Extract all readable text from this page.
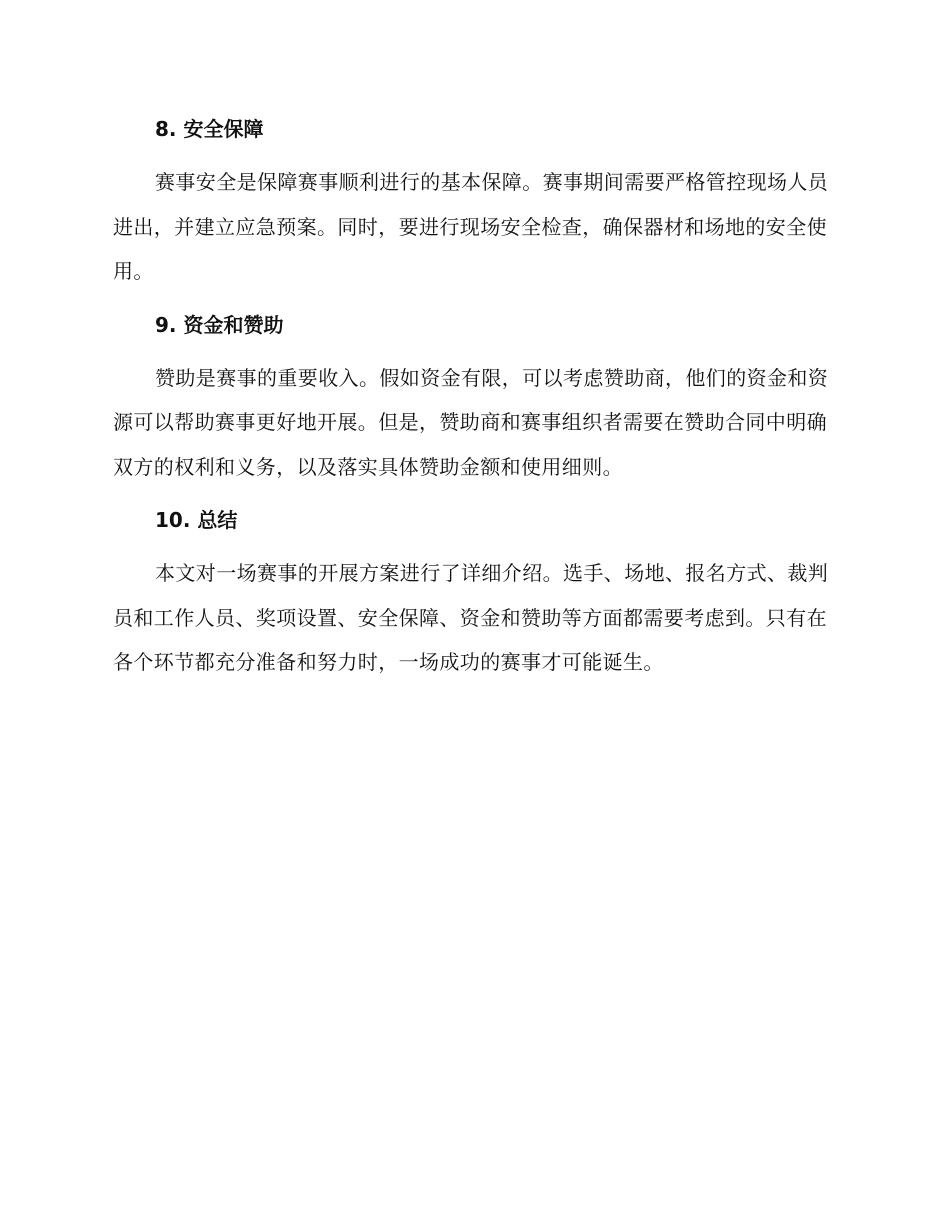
8. 安全保障

赛事安全是保障赛事顺利进行的基本保障。赛事期间需要严格管控现场人员进出，并建立应急预案。同时，要进行现场安全检查，确保器材和场地的安全使用。

9. 资金和赞助

赞助是赛事的重要收入。假如资金有限，可以考虑赞助商，他们的资金和资源可以帮助赛事更好地开展。但是，赞助商和赛事组织者需要在赞助合同中明确双方的权利和义务，以及落实具体赞助金额和使用细则。

10. 总结

本文对一场赛事的开展方案进行了详细介绍。选手、场地、报名方式、裁判员和工作人员、奖项设置、安全保障、资金和赞助等方面都需要考虑到。只有在各个环节都充分准备和努力时，一场成功的赛事才可能诞生。
